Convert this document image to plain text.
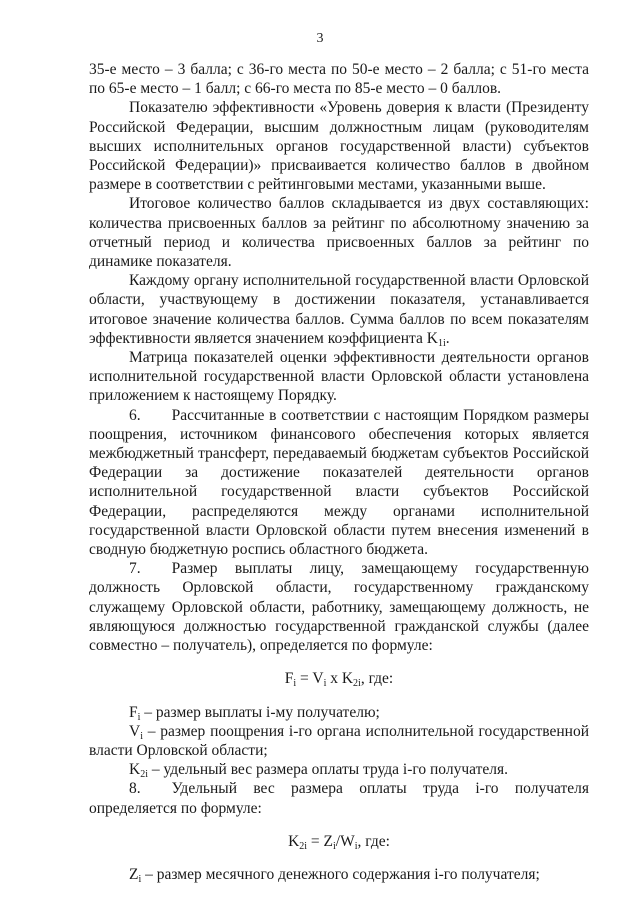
3

35-е место – 3 балла; с 36-го места по 50-е место – 2 балла; с 51-го места по 65-е место – 1 балл; с 66-го места по 85-е место – 0 баллов.

Показателю эффективности «Уровень доверия к власти (Президенту Российской Федерации, высшим должностным лицам (руководителям высших исполнительных органов государственной власти) субъектов Российской Федерации)» присваивается количество баллов в двойном размере в соответствии с рейтинговыми местами, указанными выше.

Итоговое количество баллов складывается из двух составляющих: количества присвоенных баллов за рейтинг по абсолютному значению за отчетный период и количества присвоенных баллов за рейтинг по динамике показателя.

Каждому органу исполнительной государственной власти Орловской области, участвующему в достижении показателя, устанавливается итоговое значение количества баллов. Сумма баллов по всем показателям эффективности является значением коэффициента $K_{1i}$.

Матрица показателей оценки эффективности деятельности органов исполнительной государственной власти Орловской области установлена приложением к настоящему Порядку.

6.  Рассчитанные в соответствии с настоящим Порядком размеры поощрения, источником финансового обеспечения которых является межбюджетный трансферт, передаваемый бюджетам субъектов Российской Федерации за достижение показателей деятельности органов исполнительной государственной власти субъектов Российской Федерации, распределяются между органами исполнительной государственной власти Орловской области путем внесения изменений в сводную бюджетную роспись областного бюджета.

7.  Размер выплаты лицу, замещающему государственную должность Орловской области, государственному гражданскому служащему Орловской области, работнику, замещающему должность, не являющуюся должностью государственной гражданской службы (далее совместно – получатель), определяется по формуле:

$F_i = V_i$ x $K_{2i}$, где:

$F_i$ – размер выплаты i-му получателю;

$V_i$ – размер поощрения i-го органа исполнительной государственной власти Орловской области;

$K_{2i}$ – удельный вес размера оплаты труда i-го получателя.

8.  Удельный вес размера оплаты труда i-го получателя определяется по формуле:

$K_{2i} = Z_i/W_i$, где:

$Z_i$ – размер месячного денежного содержания i-го получателя;
